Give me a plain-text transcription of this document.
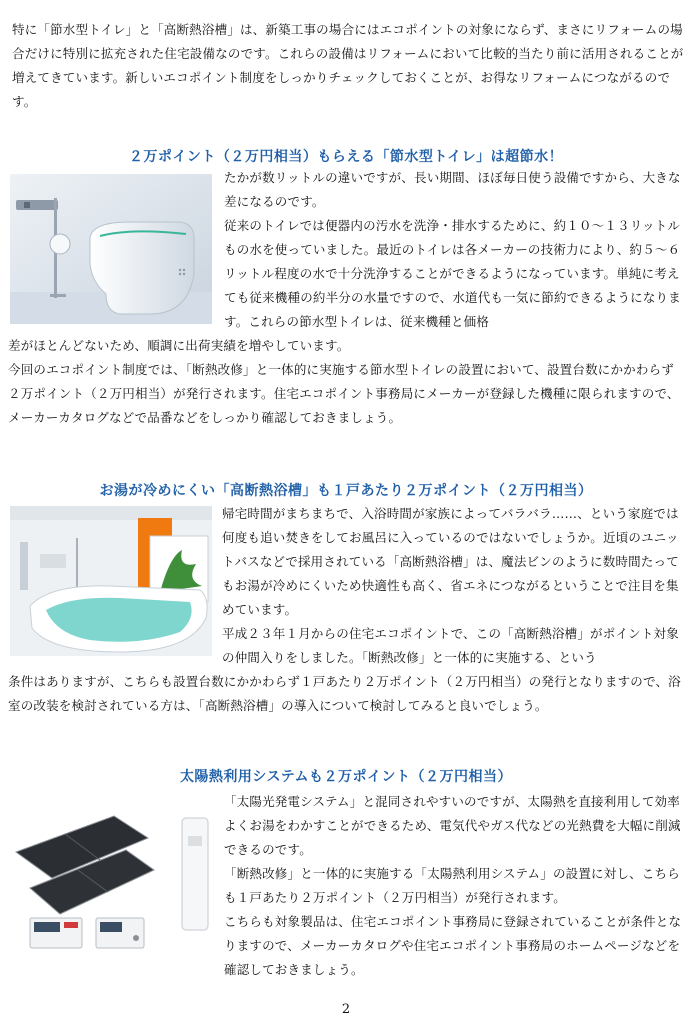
特に「節水型トイレ」と「高断熱浴槽」は、新築工事の場合にはエコポイントの対象にならず、まさにリフォームの場合だけに特別に拡充された住宅設備なのです。これらの設備はリフォームにおいて比較的当たり前に活用されることが増えてきています。新しいエコポイント制度をしっかりチェックしておくことが、お得なリフォームにつながるのです。

２万ポイント（２万円相当）もらえる「節水型トイレ」は超節水！

たかが数リットルの違いですが、長い期間、ほぼ毎日使う設備ですから、大きな差になるのです。

従来のトイレでは便器内の汚水を洗浄・排水するために、約１０～１３リットルもの水を使っていました。最近のトイレは各メーカーの技術力により、約５～６リットル程度の水で十分洗浄することができるようになっています。単純に考えても従来機種の約半分の水量ですので、水道代も一気に節約できるようになります。これらの節水型トイレは、従来機種と価格

差がほとんどないため、順調に出荷実績を増やしています。

今回のエコポイント制度では、「断熱改修」と一体的に実施する節水型トイレの設置において、設置台数にかかわらず２万ポイント（２万円相当）が発行されます。住宅エコポイント事務局にメーカーが登録した機種に限られますので、メーカーカタログなどで品番などをしっかり確認しておきましょう。

お湯が冷めにくい「高断熱浴槽」も１戸あたり２万ポイント（２万円相当）

帰宅時間がまちまちで、入浴時間が家族によってバラバラ……、という家庭では何度も追い焚きをしてお風呂に入っているのではないでしょうか。近頃のユニットバスなどで採用されている「高断熱浴槽」は、魔法ビンのように数時間たってもお湯が冷めにくいため快適性も高く、省エネにつながるということで注目を集めています。

平成２３年１月からの住宅エコポイントで、この「高断熱浴槽」がポイント対象の仲間入りをしました。「断熱改修」と一体的に実施する、という

条件はありますが、こちらも設置台数にかかわらず１戸あたり２万ポイント（２万円相当）の発行となりますので、浴室の改装を検討されている方は、「高断熱浴槽」の導入について検討してみると良いでしょう。

太陽熱利用システムも２万ポイント（２万円相当）

「太陽光発電システム」と混同されやすいのですが、太陽熱を直接利用して効率よくお湯をわかすことができるため、電気代やガス代などの光熱費を大幅に削減できるのです。

「断熱改修」と一体的に実施する「太陽熱利用システム」の設置に対し、こちらも１戸あたり２万ポイント（２万円相当）が発行されます。

こちらも対象製品は、住宅エコポイント事務局に登録されていることが条件となりますので、メーカーカタログや住宅エコポイント事務局のホームページなどを確認しておきましょう。

2
